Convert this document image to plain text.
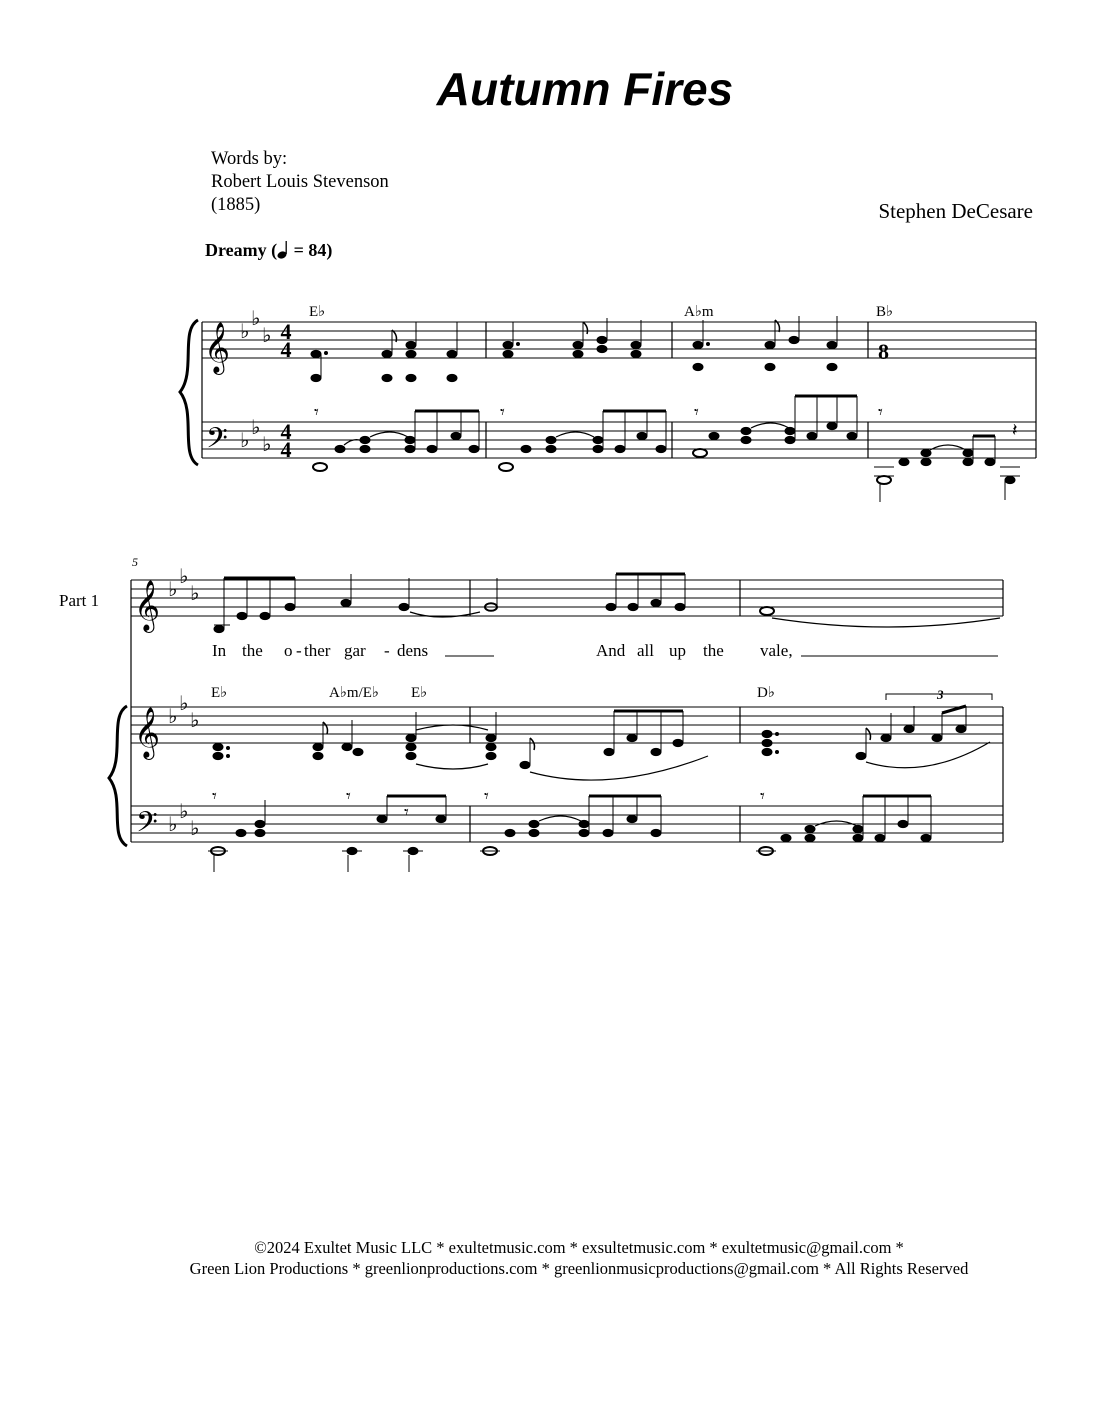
Autumn Fires
Words by:
Robert Louis Stevenson
(1885)	Stephen DeCesare
Dreamy ( = 84)
𝄞
𝄢
♭
♭
♭
♭
♭
♭
4
4
4
4
E♭	A♭m	B♭
8
𝄾	𝄾	𝄾	𝄾
𝄽
5
Part 1 𝄞 ♭
♭
♭
In the o - ther gar - dens	And all up the vale,
𝄞
𝄢
♭
♭
♭
♭
♭
♭
E♭	A♭m/E♭ E♭	D♭	3
𝄾	𝄾
𝄾
𝄾	𝄾
©2024 Exultet Music LLC * exultetmusic.com * exsultetmusic.com * exultetmusic@gmail.com *
Green Lion Productions * greenlionproductions.com * greenlionmusicproductions@gmail.com * All Rights Reserved
